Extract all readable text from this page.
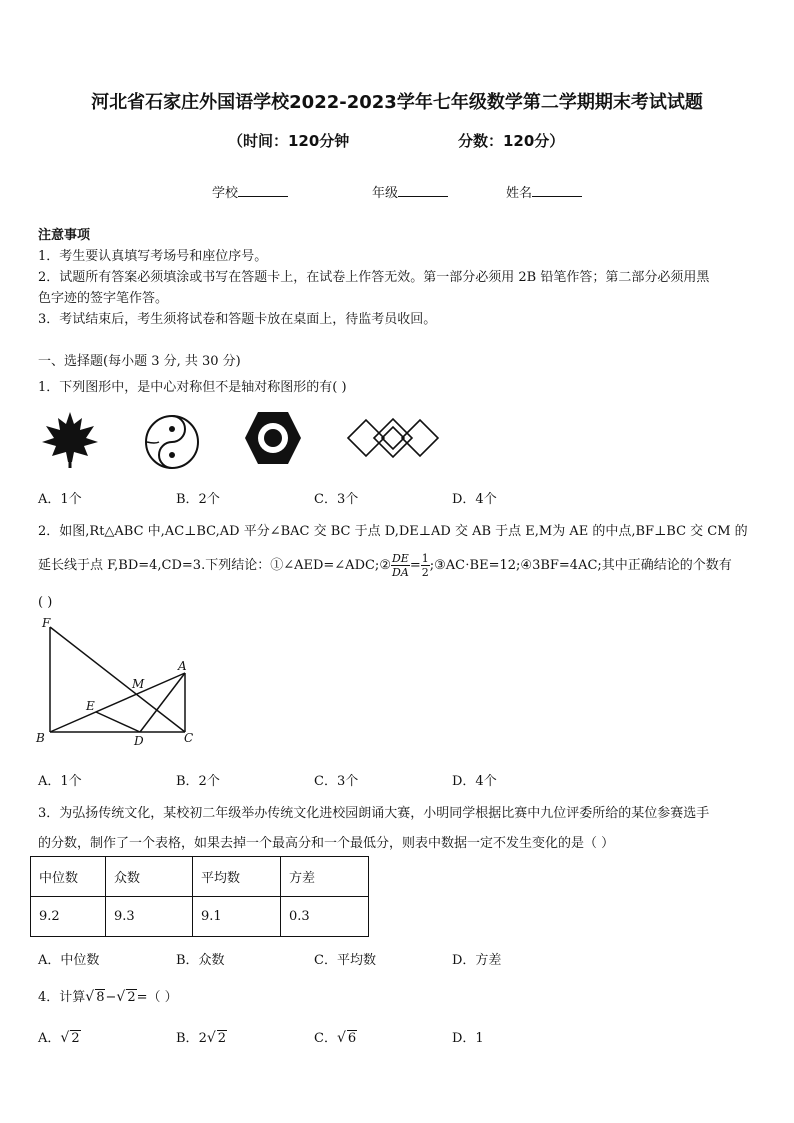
河北省石家庄外国语学校2022-2023学年七年级数学第二学期期末考试试题
（时间：120分钟	分数：120分）
学校	年级	姓名
注意事项
1．考生要认真填写考场号和座位序号。
2．试题所有答案必须填涂或书写在答题卡上，在试卷上作答无效。第一部分必须用 2B 铅笔作答；第二部分必须用黑
色字迹的签字笔作答。
3．考试结束后，考生须将试卷和答题卡放在桌面上，待监考员收回。
一、选择题(每小题 3 分, 共 30 分)
1．下列图形中，是中心对称但不是轴对称图形的有( )
A．1个	B．2个	C．3个	D．4个
2．如图,Rt△ABC 中,AC⊥BC,AD 平分∠BAC 交 BC 于点 D,DE⊥AD 交 AB 于点 E,M为 AE 的中点,BF⊥BC 交 CM 的
延长线于点 F,BD=4,CD=3.下列结论：①∠AED=∠ADC;② $\frac{DE}{DA} = \frac{1}{2}$ ;③AC⋅BE=12;④3BF=4AC;其中正确结论的个数有
( )
F
M
A
E
B	D	C
A．1个	B．2个	C．3个	D．4个
3．为弘扬传统文化，某校初二年级举办传统文化进校园朗诵大赛，小明同学根据比赛中九位评委所给的某位参赛选手
的分数，制作了一个表格，如果去掉一个最高分和一个最低分，则表中数据一定不发生变化的是（ ）
中位数	众数	平均数	方差
9.2	9.3	9.1	0.3
A．中位数	B．众数	C．平均数	D．方差
4．计算√ 8−√ 2=（ ）
A．√ 2	B．2√ 2	C．√ 6	D．1
